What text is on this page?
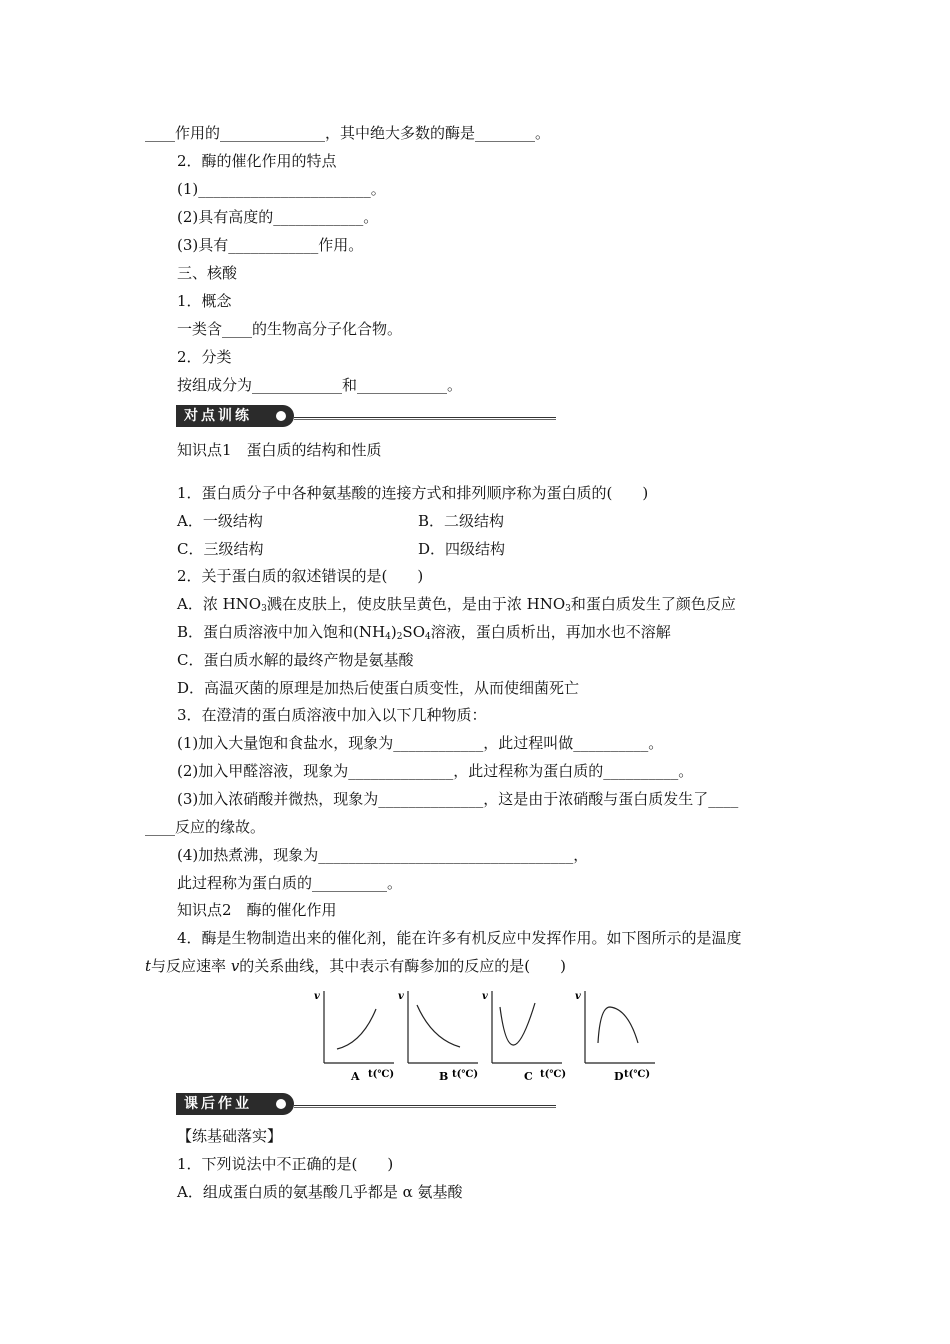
____作用的______________，其中绝大多数的酶是________。
2．酶的催化作用的特点
(1)_______________________。
(2)具有高度的____________。
(3)具有____________作用。
三、核酸
1．概念
一类含____的生物高分子化合物。
2．分类
按组成分为____________和____________。
对点训练
知识点1　蛋白质的结构和性质
1．蛋白质分子中各种氨基酸的连接方式和排列顺序称为蛋白质的(　　)
A．一级结构	B．二级结构
C．三级结构	D．四级结构
2．关于蛋白质的叙述错误的是(　　)
A．浓 $HNO_3$溅在皮肤上，使皮肤呈黄色，是由于浓 $HNO_3$和蛋白质发生了颜色反应
B．蛋白质溶液中加入饱和$(NH_4)_2SO_4$溶液，蛋白质析出，再加水也不溶解
C．蛋白质水解的最终产物是氨基酸
D．高温灭菌的原理是加热后使蛋白质变性，从而使细菌死亡
3．在澄清的蛋白质溶液中加入以下几种物质：
(1)加入大量饱和食盐水，现象为____________，此过程叫做__________。
(2)加入甲醛溶液，现象为______________，此过程称为蛋白质的__________。
(3)加入浓硝酸并微热，现象为______________，这是由于浓硝酸与蛋白质发生了____
____反应的缘故。
(4)加热煮沸，现象为__________________________________，
此过程称为蛋白质的__________。
知识点2　酶的催化作用
4．酶是生物制造出来的催化剂，能在许多有机反应中发挥作用。如下图所示的是温度
t与反应速率 v的关系曲线，其中表示有酶参加的反应的是(　　)
v
t(℃)
A
v
t(℃)
B
v
t(℃)
C
v
t(℃)
D
课后作业
【练基础落实】
1．下列说法中不正确的是(　　)
A．组成蛋白质的氨基酸几乎都是 α 氨基酸
